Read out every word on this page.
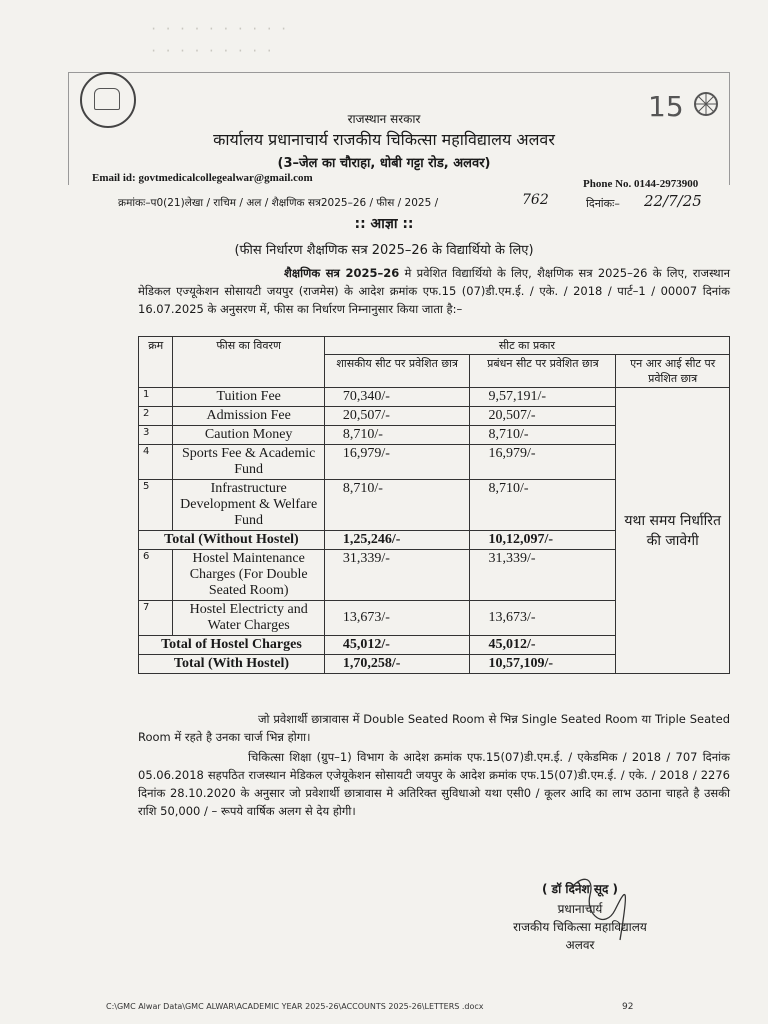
· · · · · · · · · ·
· · · · · · · · ·
15
राजस्थान सरकार
कार्यालय प्रधानाचार्य राजकीय चिकित्सा महाविद्यालय अलवर
(3–जेल का चौराहा, धोबी गट्टा रोड, अलवर)
Email id: govtmedicalcollegealwar@gmail.com	Phone No. 0144-2973900
क्रमांकः–प0(21)लेखा / राचिम / अल / शैक्षणिक सत्र2025–26 / फीस / 2025 /	762	दिनांकः– 22/7/25
:: आज्ञा ::
(फीस निर्धारण शैक्षणिक सत्र 2025–26 के विद्यार्थियो के लिए)
शैक्षणिक सत्र 2025–26 मे प्रवेशित विद्यार्थियो के लिए, शैक्षणिक सत्र 2025–26 के लिए, राजस्थान मेडिकल एज्यूकेशन सोसायटी जयपुर (राजमेस) के आदेश क्रमांक एफ.15 (07)डी.एम.ई. / एके. / 2018 / पार्ट–1 / 00007 दिनांक 16.07.2025 के अनुसरण में, फीस का निर्धारण निम्नानुसार किया जाता है:–
क्रम	फीस का विवरण	सीट का प्रकार		
		शासकीय सीट पर प्रवेशित छात्र	प्रबंधन सीट पर प्रवेशित छात्र	एन आर आई सीट पर प्रवेशित छात्र
1	Tuition Fee	70,340/-	9,57,191/-	यथा समय निर्धारित की जावेगी
2	Admission Fee	20,507/-	20,507/-	
3	Caution Money	8,710/-	8,710/-	
4	Sports Fee & Academic Fund	16,979/-	16,979/-	
5	Infrastructure Development & Welfare Fund	8,710/-	8,710/-	
Total (Without Hostel)		1,25,246/-	10,12,097/-	
6	Hostel Maintenance Charges (For Double Seated Room)	31,339/-	31,339/-	
7	Hostel Electricty and Water Charges	13,673/-	13,673/-	
Total of Hostel Charges		45,012/-	45,012/-	
Total (With Hostel)		1,70,258/-	10,57,109/-	
जो प्रवेशार्थी छात्रावास में Double Seated Room से भिन्न Single Seated Room या Triple Seated Room में रहते है उनका चार्ज भिन्न होगा।
चिकित्सा शिक्षा (ग्रुप–1) विभाग के आदेश क्रमांक एफ.15(07)डी.एम.ई. / एकेडमिक / 2018 / 707 दिनांक 05.06.2018 सहपठित राजस्थान मेडिकल एजेयूकेशन सोसायटी जयपुर के आदेश क्रमांक एफ.15(07)डी.एम.ई. / एके. / 2018 / 2276 दिनांक 28.10.2020 के अनुसार जो प्रवेशार्थी छात्रावास मे अतिरिक्त सुविधाओ यथा एसी0 / कूलर आदि का लाभ उठाना चाहते है उसकी राशि 50,000 / – रूपये वार्षिक अलग से देय होगी।
( डॉ दिनेश सूद )
प्रधानाचार्य
राजकीय चिकित्सा महाविद्यालय
अलवर
C:\GMC Alwar Data\GMC ALWAR\ACADEMIC YEAR 2025-26\ACCOUNTS 2025-26\LETTERS .docx	92
